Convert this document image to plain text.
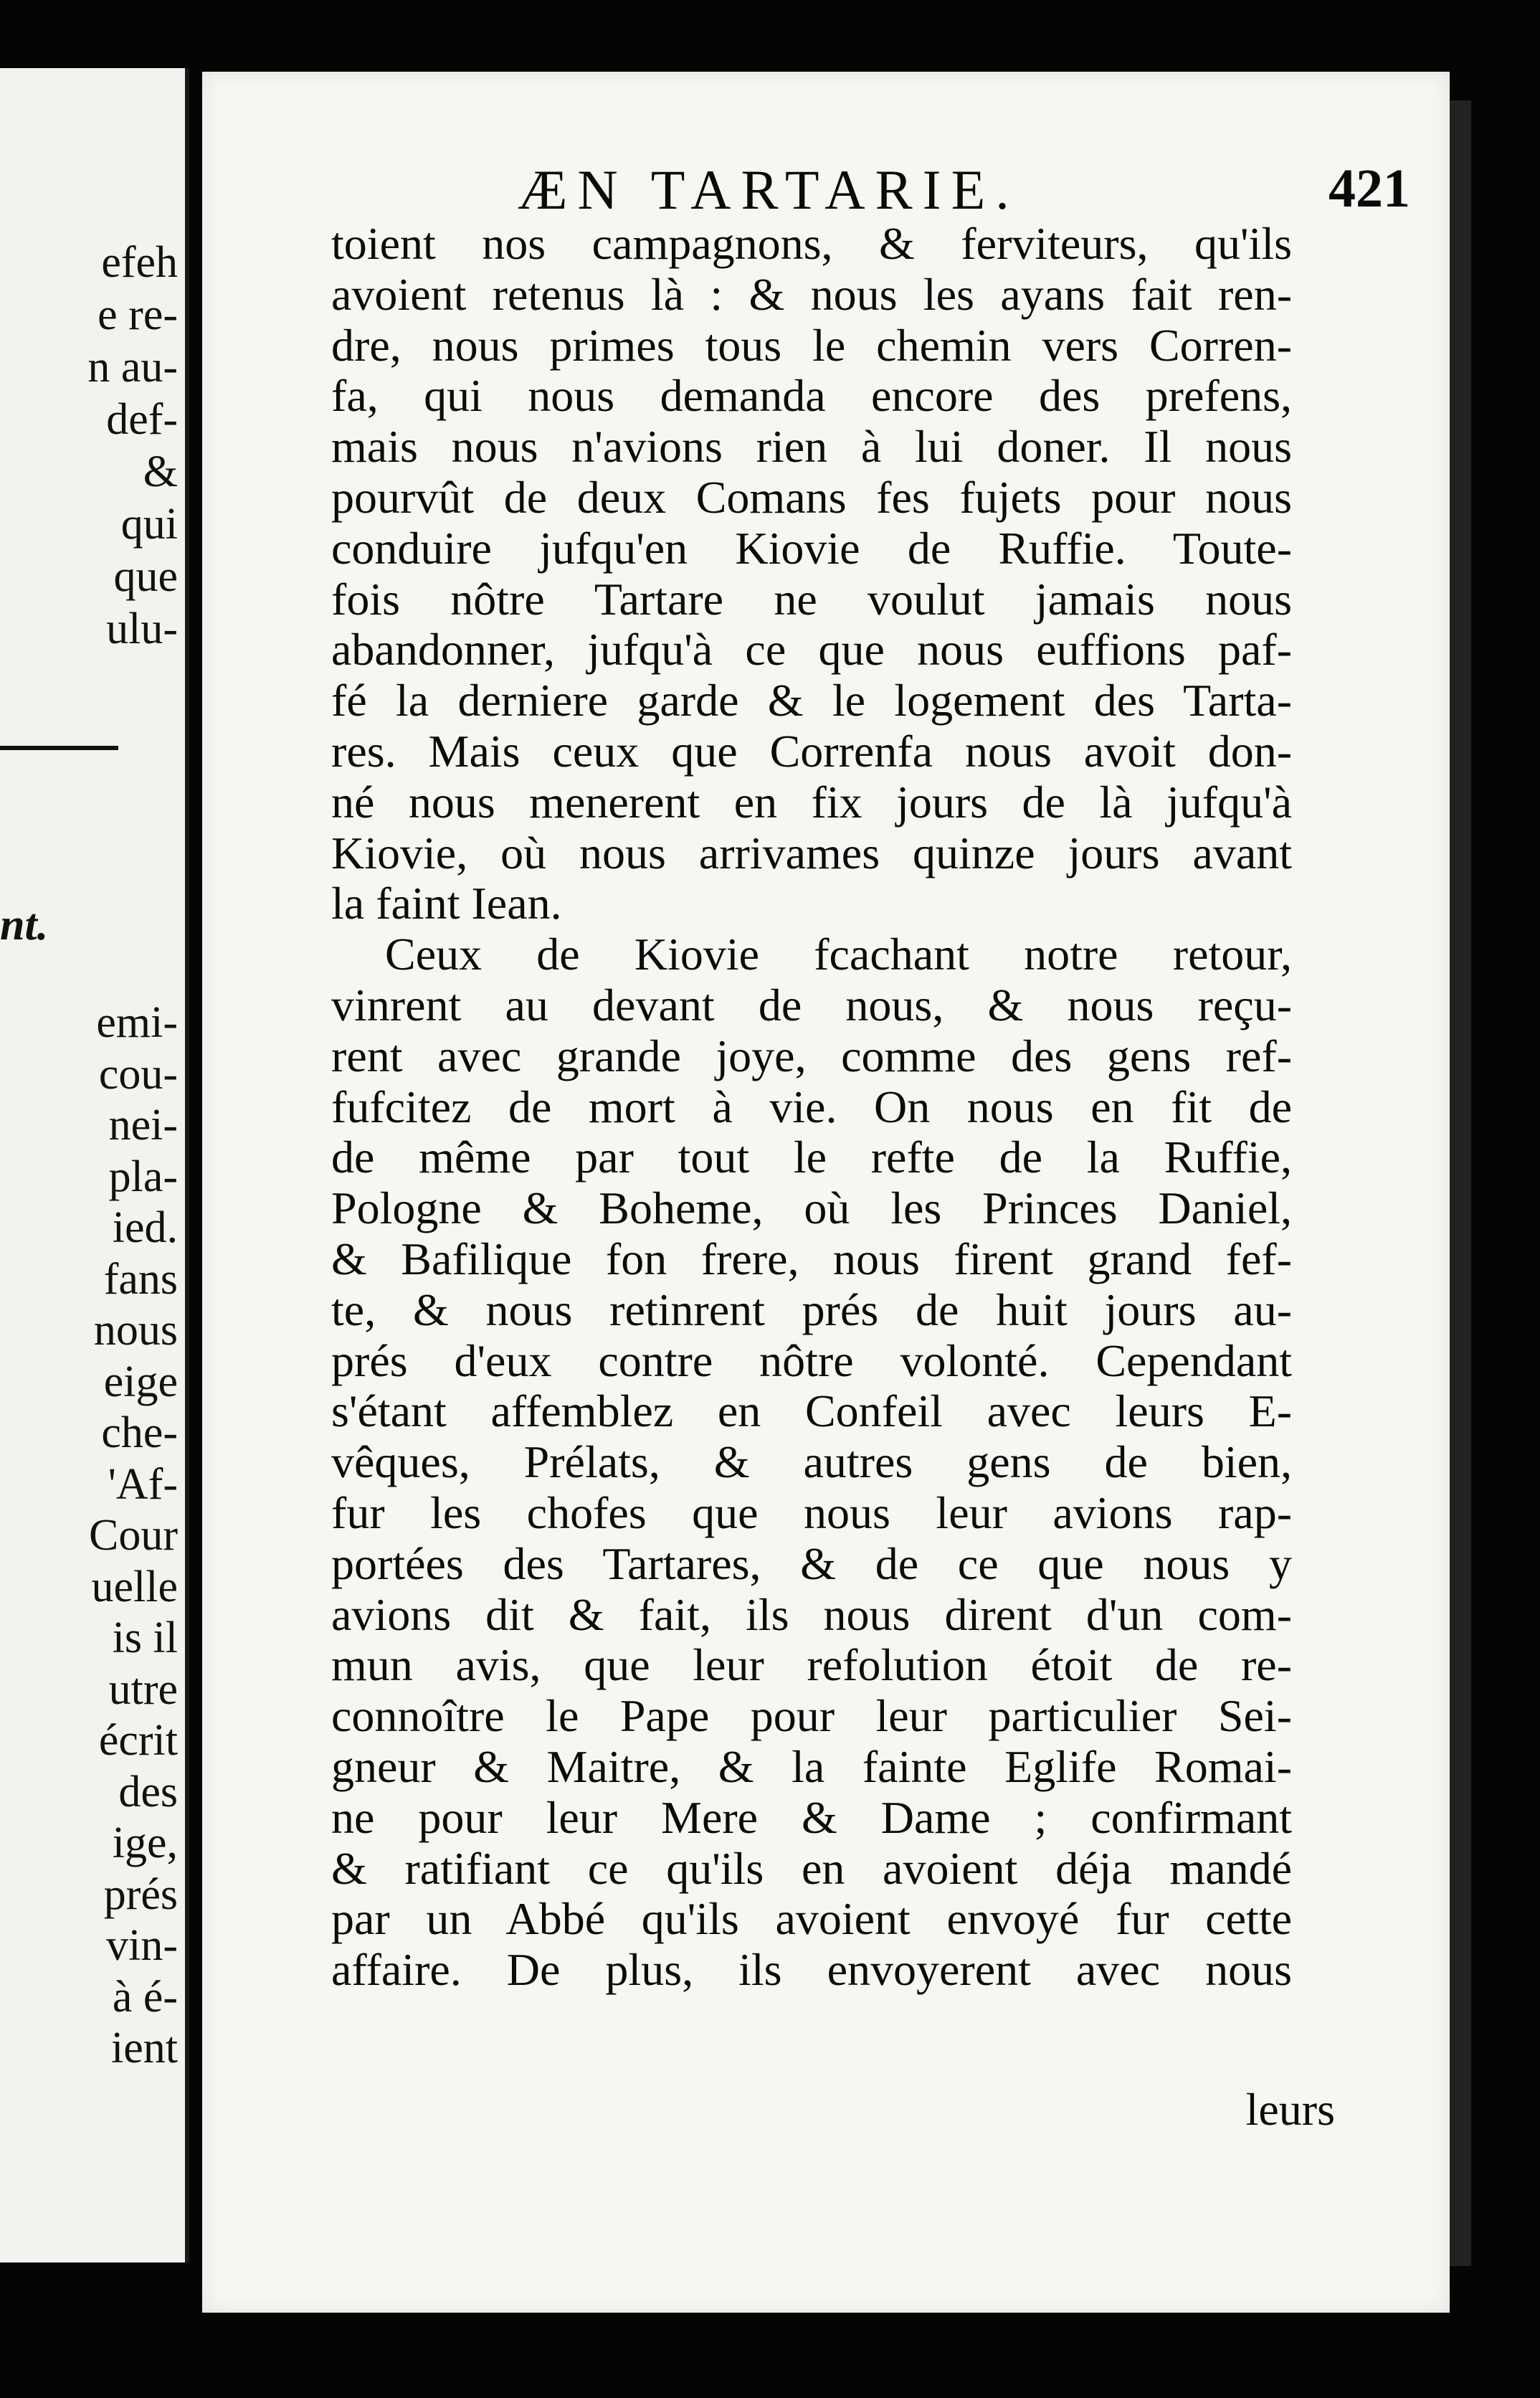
efeh
e re-
n au-
def-
&
qui
que
ulu-
nt.
emi-
cou-
nei-
pla-
ied.
fans
nous
eige
che-
'Af-
Cour
uelle
is il
utre
écrit
des
ige,
prés
vin-
à é-
ient
ÆN TARTARIE.	421
toient nos campagnons, & ferviteurs, qu'ils
avoient retenus là : & nous les ayans fait ren-
dre, nous primes tous le chemin vers Corren-
fa, qui nous demanda encore des prefens,
mais nous n'avions rien à lui doner. Il nous
pourvût de deux Comans fes fujets pour nous
conduire jufqu'en Kiovie de Ruffie. Toute-
fois nôtre Tartare ne voulut jamais nous
abandonner, jufqu'à ce que nous euffions paf-
fé la derniere garde & le logement des Tarta-
res. Mais ceux que Correnfa nous avoit don-
né nous menerent en fix jours de là jufqu'à
Kiovie, où nous arrivames quinze jours avant
la faint Iean.
Ceux de Kiovie fcachant notre retour,
vinrent au devant de nous, & nous reçu-
rent avec grande joye, comme des gens ref-
fufcitez de mort à vie. On nous en fit de
de même par tout le refte de la Ruffie,
Pologne & Boheme, où les Princes Daniel,
& Bafilique fon frere, nous firent grand fef-
te, & nous retinrent prés de huit jours au-
prés d'eux contre nôtre volonté. Cependant
s'étant affemblez en Confeil avec leurs E-
vêques, Prélats, & autres gens de bien,
fur les chofes que nous leur avions rap-
portées des Tartares, & de ce que nous y
avions dit & fait, ils nous dirent d'un com-
mun avis, que leur refolution étoit de re-
connoître le Pape pour leur particulier Sei-
gneur & Maitre, & la fainte Eglife Romai-
ne pour leur Mere & Dame ; confirmant
& ratifiant ce qu'ils en avoient déja mandé
par un Abbé qu'ils avoient envoyé fur cette
affaire. De plus, ils envoyerent avec nous
leurs
